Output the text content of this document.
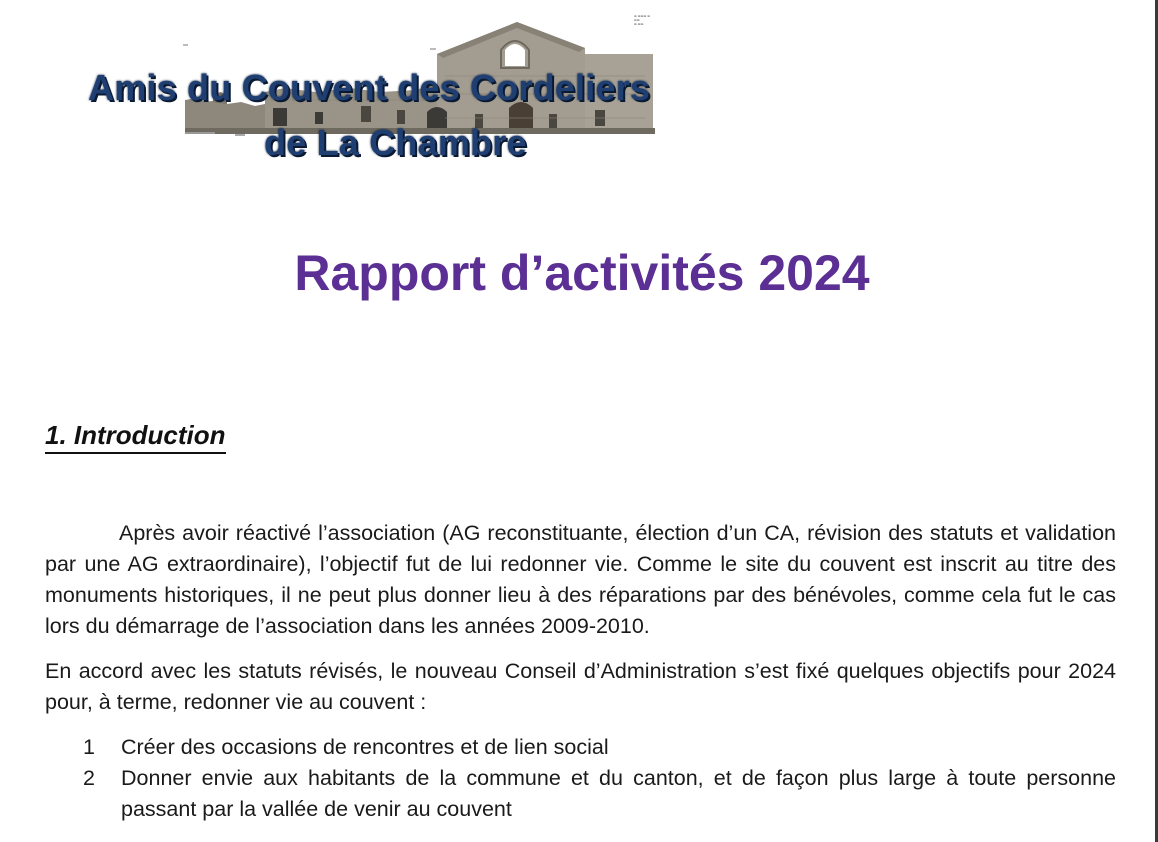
▬ ▬▬▬ ▬
▬▬
▬ ▬▬
Amis du Couvent des Cordeliers
de La Chambre
Rapport d’activités 2024
1. Introduction

Après avoir réactivé l’association (AG reconstituante, élection d’un CA, révision des statuts et validation par une AG extraordinaire), l’objectif fut de lui redonner vie. Comme le site du couvent est inscrit au titre des monuments historiques, il ne peut plus donner lieu à des réparations par des bénévoles, comme cela fut le cas lors du démarrage de l’association dans les années 2009-2010.

En accord avec les statuts révisés, le nouveau Conseil d’Administration s’est fixé quelques objectifs pour 2024 pour, à terme, redonner vie au couvent :

1	Créer des occasions de rencontres et de lien social
2	Donner envie aux habitants de la commune et du canton, et de façon plus large à toute personne passant par la vallée de venir au couvent
